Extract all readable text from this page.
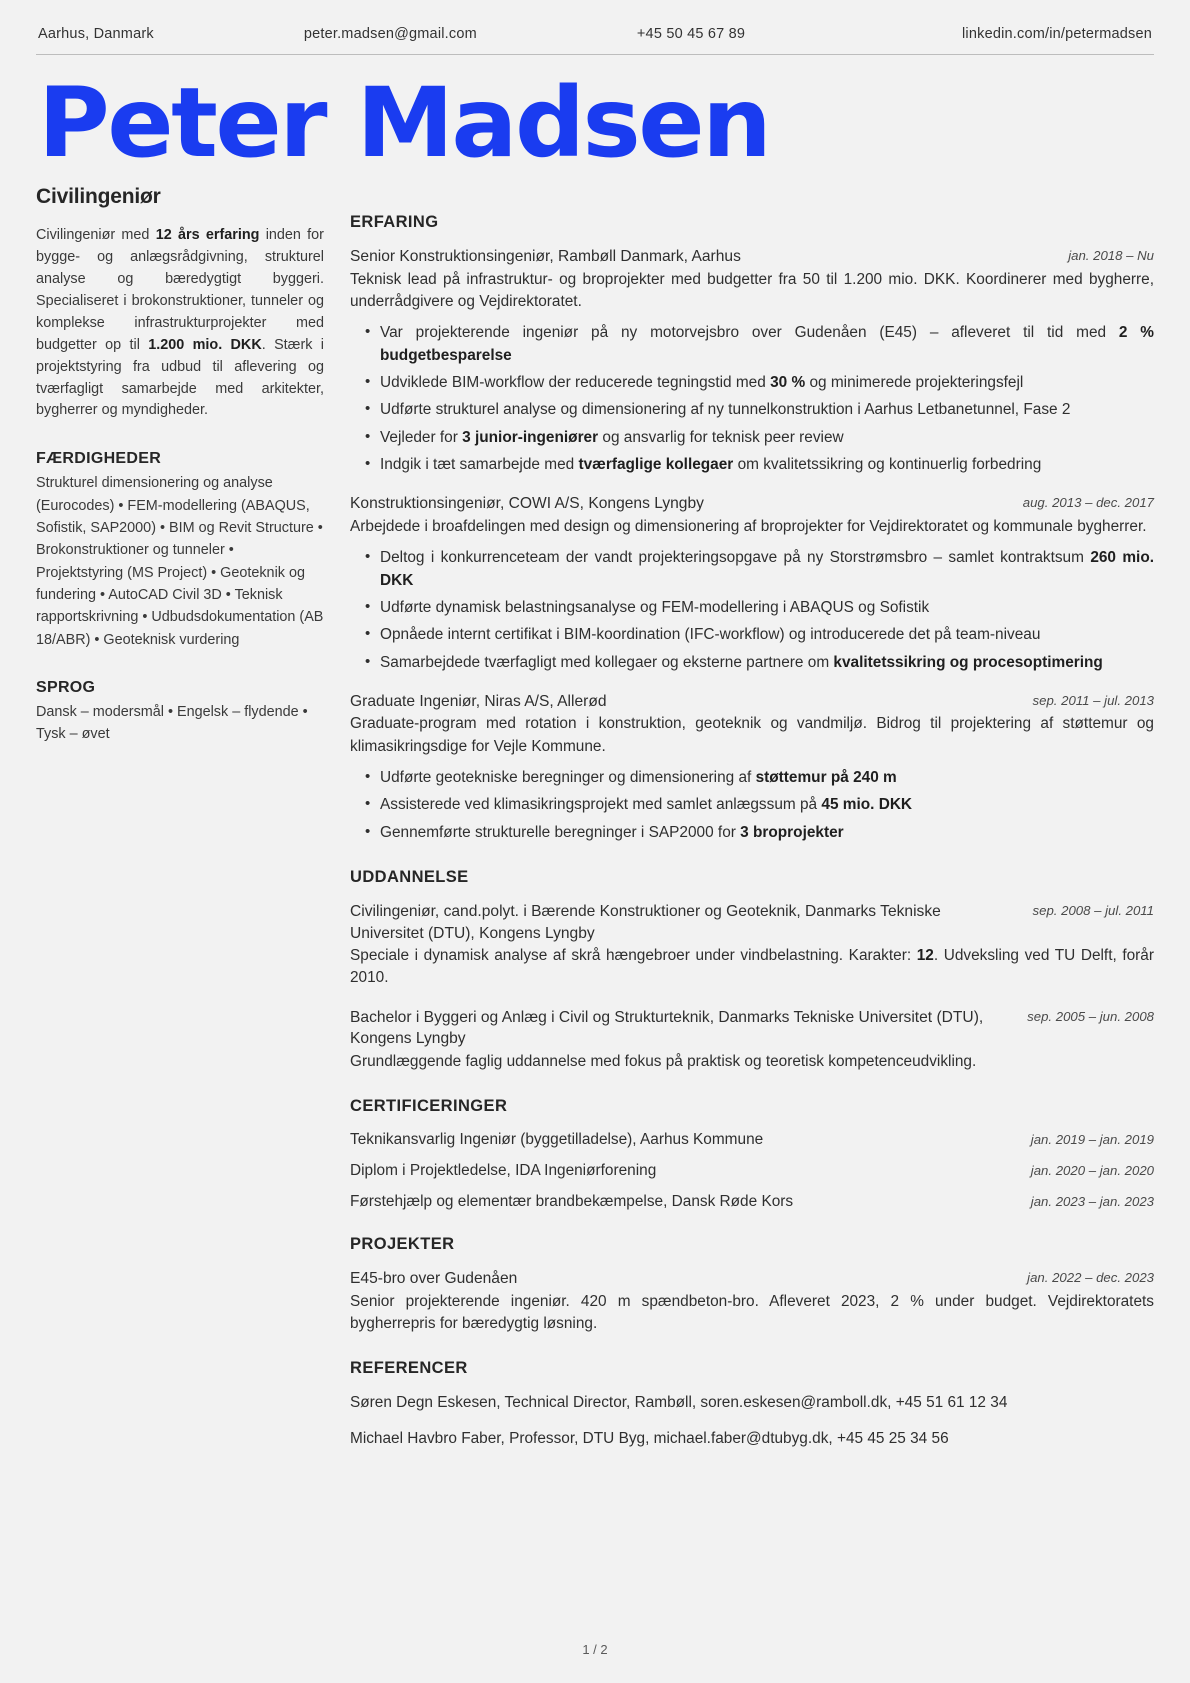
Aarhus, Danmark	peter.madsen@gmail.com	+45 50 45 67 89	linkedin.com/in/petermadsen
Peter Madsen
Civilingeniør

Civilingeniør med 12 års erfaring inden for bygge- og anlægsrådgivning, strukturel analyse og bæredygtigt byggeri. Specialiseret i brokonstruktioner, tunneler og komplekse infrastrukturprojekter med budgetter op til 1.200 mio. DKK. Stærk i projektstyring fra udbud til aflevering og tværfagligt samarbejde med arkitekter, bygherrer og myndigheder.

FÆRDIGHEDER

Strukturel dimensionering og analyse (Eurocodes) • FEM-modellering (ABAQUS, Sofistik, SAP2000) • BIM og Revit Structure • Brokonstruktioner og tunneler • Projektstyring (MS Project) • Geoteknik og fundering • AutoCAD Civil 3D • Teknisk rapportskrivning • Udbudsdokumentation (AB 18/ABR) • Geoteknisk vurdering

SPROG

Dansk – modersmål • Engelsk – flydende • Tysk – øvet

ERFARING
Senior Konstruktionsingeniør, Rambøll Danmark, Aarhus	jan. 2018 – Nu

Teknisk lead på infrastruktur- og broprojekter med budgetter fra 50 til 1.200 mio. DKK. Koordinerer med bygherre, underrådgivere og Vejdirektoratet.

• Var projekterende ingeniør på ny motorvejsbro over Gudenåen (E45) – afleveret til tid med 2 % budgetbesparelse
• Udviklede BIM-workflow der reducerede tegningstid med 30 % og minimerede projekteringsfejl
• Udførte strukturel analyse og dimensionering af ny tunnelkonstruktion i Aarhus Letbanetunnel, Fase 2
• Vejleder for 3 junior-ingeniører og ansvarlig for teknisk peer review
• Indgik i tæt samarbejde med tværfaglige kollegaer om kvalitetssikring og kontinuerlig forbedring
Konstruktionsingeniør, COWI A/S, Kongens Lyngby	aug. 2013 – dec. 2017

Arbejdede i broafdelingen med design og dimensionering af broprojekter for Vejdirektoratet og kommunale bygherrer.

• Deltog i konkurrenceteam der vandt projekteringsopgave på ny Storstrømsbro – samlet kontraktsum 260 mio. DKK
• Udførte dynamisk belastningsanalyse og FEM-modellering i ABAQUS og Sofistik
• Opnåede internt certifikat i BIM-koordination (IFC-workflow) og introducerede det på team-niveau
• Samarbejdede tværfagligt med kollegaer og eksterne partnere om kvalitetssikring og procesoptimering
Graduate Ingeniør, Niras A/S, Allerød	sep. 2011 – jul. 2013

Graduate-program med rotation i konstruktion, geoteknik og vandmiljø. Bidrog til projektering af støttemur og klimasikringsdige for Vejle Kommune.

• Udførte geotekniske beregninger og dimensionering af støttemur på 240 m
• Assisterede ved klimasikringsprojekt med samlet anlægssum på 45 mio. DKK
• Gennemførte strukturelle beregninger i SAP2000 for 3 broprojekter
UDDANNELSE
Civilingeniør, cand.polyt. i Bærende Konstruktioner og Geoteknik, Danmarks Tekniske Universitet (DTU), Kongens Lyngby
sep. 2008 – jul. 2011

Speciale i dynamisk analyse af skrå hængebroer under vindbelastning. Karakter: 12. Udveksling ved TU Delft, forår 2010.

Bachelor i Byggeri og Anlæg i Civil og Strukturteknik, Danmarks Tekniske Universitet (DTU), Kongens Lyngby
sep. 2005 – jun. 2008

Grundlæggende faglig uddannelse med fokus på praktisk og teoretisk kompetenceudvikling.

CERTIFICERINGER
Teknikansvarlig Ingeniør (byggetilladelse), Aarhus Kommune	jan. 2019 – jan. 2019
Diplom i Projektledelse, IDA Ingeniørforening	jan. 2020 – jan. 2020
Førstehjælp og elementær brandbekæmpelse, Dansk Røde Kors	jan. 2023 – jan. 2023
PROJEKTER
E45-bro over Gudenåen	jan. 2022 – dec. 2023

Senior projekterende ingeniør. 420 m spændbeton-bro. Afleveret 2023, 2 % under budget. Vejdirektoratets bygherrepris for bæredygtig løsning.

REFERENCER
Søren Degn Eskesen, Technical Director, Rambøll, soren.eskesen@ramboll.dk, +45 51 61 12 34
Michael Havbro Faber, Professor, DTU Byg, michael.faber@dtubyg.dk, +45 45 25 34 56
1 / 2
